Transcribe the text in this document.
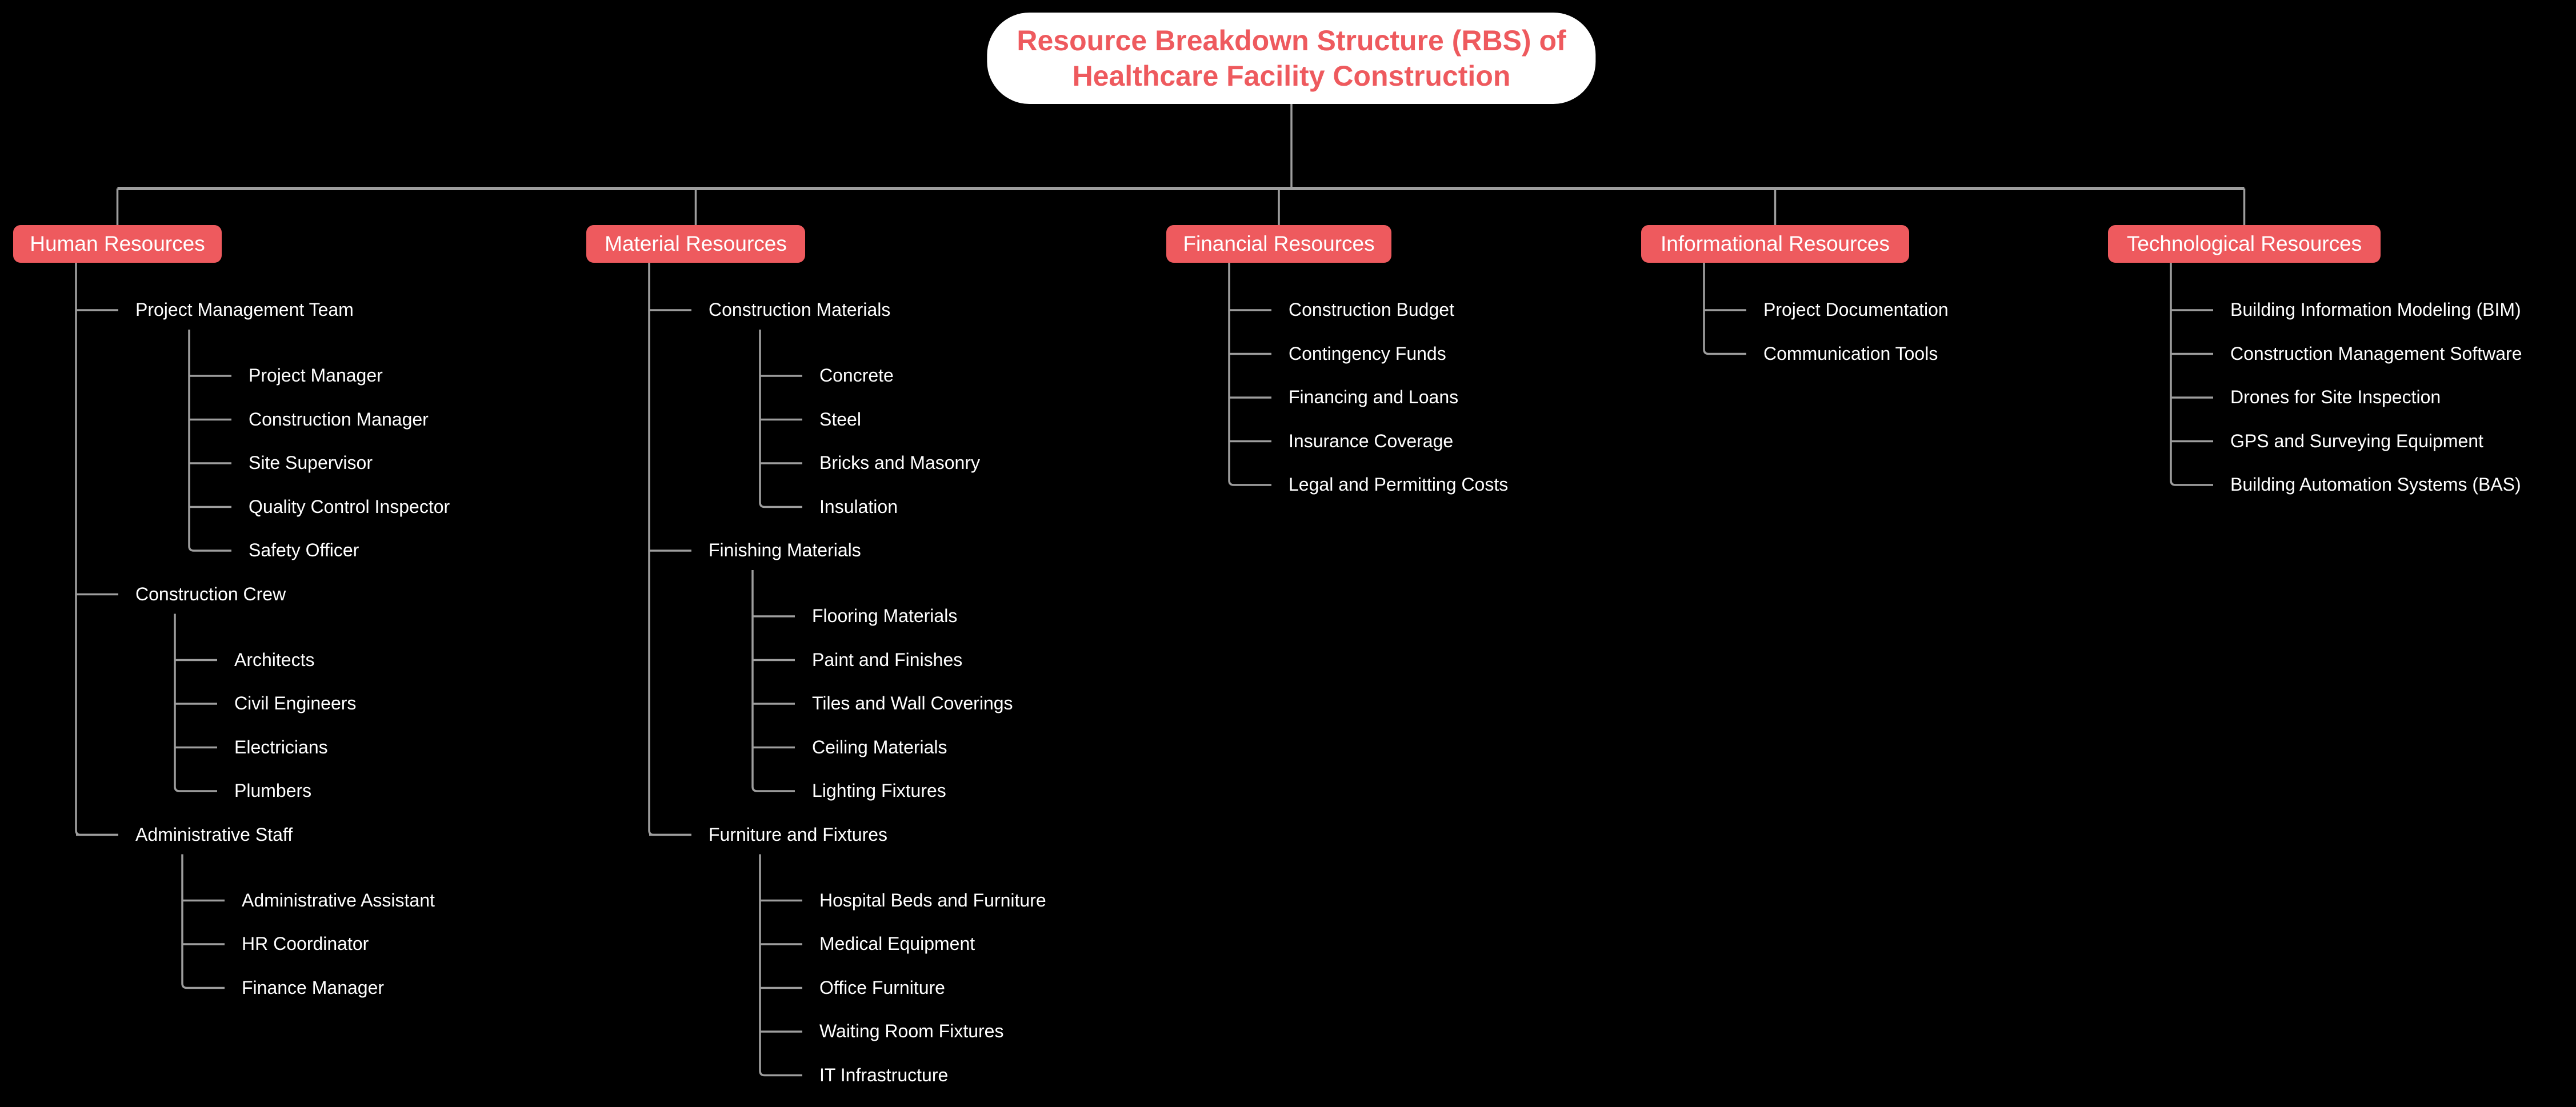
Resource Breakdown Structure (RBS) of
Healthcare Facility Construction
Human Resources
Project Management Team
Project Manager
Construction Manager
Site Supervisor
Quality Control Inspector
Safety Officer
Construction Crew
Architects
Civil Engineers
Electricians
Plumbers
Administrative Staff
Administrative Assistant
HR Coordinator
Finance Manager
Material Resources
Construction Materials
Concrete
Steel
Bricks and Masonry
Insulation
Finishing Materials
Flooring Materials
Paint and Finishes
Tiles and Wall Coverings
Ceiling Materials
Lighting Fixtures
Furniture and Fixtures
Hospital Beds and Furniture
Medical Equipment
Office Furniture
Waiting Room Fixtures
IT Infrastructure
Financial Resources
Construction Budget
Contingency Funds
Financing and Loans
Insurance Coverage
Legal and Permitting Costs
Informational Resources
Project Documentation
Communication Tools
Technological Resources
Building Information Modeling (BIM)
Construction Management Software
Drones for Site Inspection
GPS and Surveying Equipment
Building Automation Systems (BAS)
